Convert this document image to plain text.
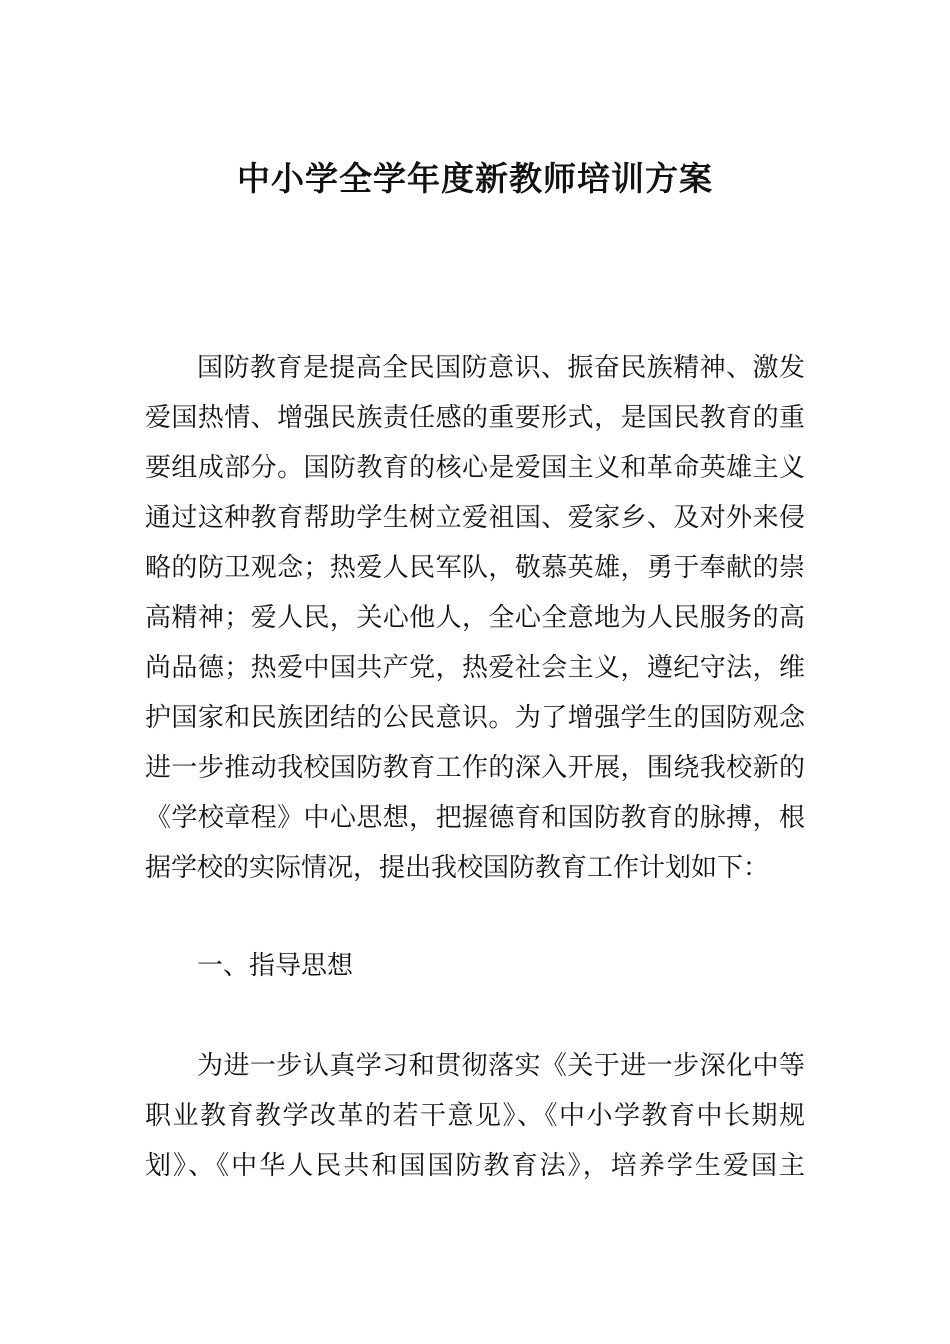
中小学全学年度新教师培训方案
国防教育是提高全民国防意识、振奋民族精神、激发
爱国热情、增强民族责任感的重要形式，是国民教育的重
要组成部分。国防教育的核心是爱国主义和革命英雄主义
通过这种教育帮助学生树立爱祖国、爱家乡、及对外来侵
略的防卫观念；热爱人民军队，敬慕英雄，勇于奉献的崇
高精神；爱人民，关心他人，全心全意地为人民服务的高
尚品德；热爱中国共产党，热爱社会主义，遵纪守法，维
护国家和民族团结的公民意识。为了增强学生的国防观念
进一步推动我校国防教育工作的深入开展，围绕我校新的
《学校章程》中心思想，把握德育和国防教育的脉搏，根
据学校的实际情况，提出我校国防教育工作计划如下：
一、指导思想
为进一步认真学习和贯彻落实《关于进一步深化中等
职业教育教学改革的若干意见》、《中小学教育中长期规
划》、《中华人民共和国国防教育法》，培养学生爱国主
